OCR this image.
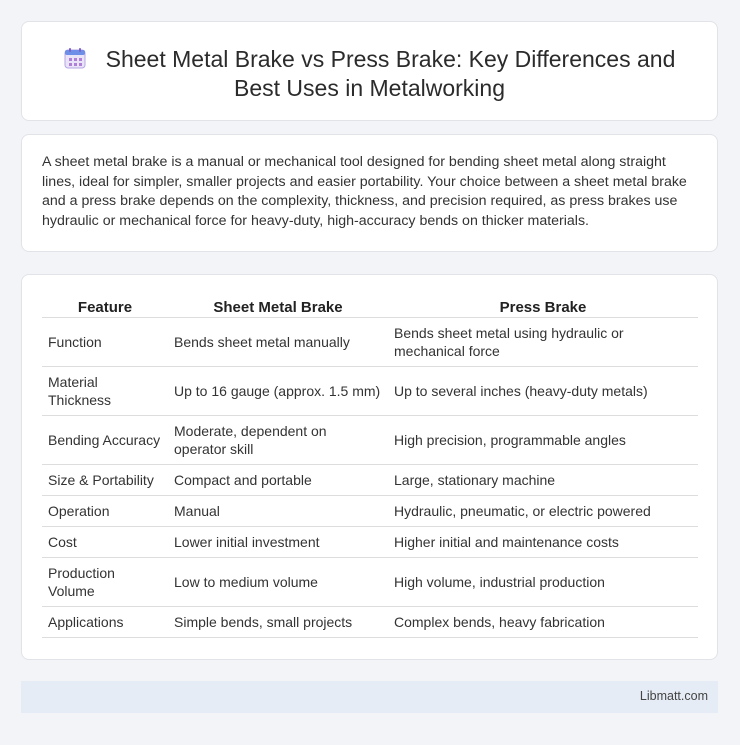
Sheet Metal Brake vs Press Brake: Key Differences and
Best Uses in Metalworking
A sheet metal brake is a manual or mechanical tool designed for bending sheet metal along straight lines, ideal for simpler, smaller projects and easier portability. Your choice between a sheet metal brake and a press brake depends on the complexity, thickness, and precision required, as press brakes use hydraulic or mechanical force for heavy-duty, high-accuracy bends on thicker materials.
Feature	Sheet Metal Brake	Press Brake
Function	Bends sheet metal manually	Bends sheet metal using hydraulic or mechanical force
Material Thickness	Up to 16 gauge (approx. 1.5 mm)	Up to several inches (heavy-duty metals)
Bending Accuracy	Moderate, dependent on operator skill	High precision, programmable angles
Size & Portability	Compact and portable	Large, stationary machine
Operation	Manual	Hydraulic, pneumatic, or electric powered
Cost	Lower initial investment	Higher initial and maintenance costs
Production Volume	Low to medium volume	High volume, industrial production
Applications	Simple bends, small projects	Complex bends, heavy fabrication
Libmatt.com
